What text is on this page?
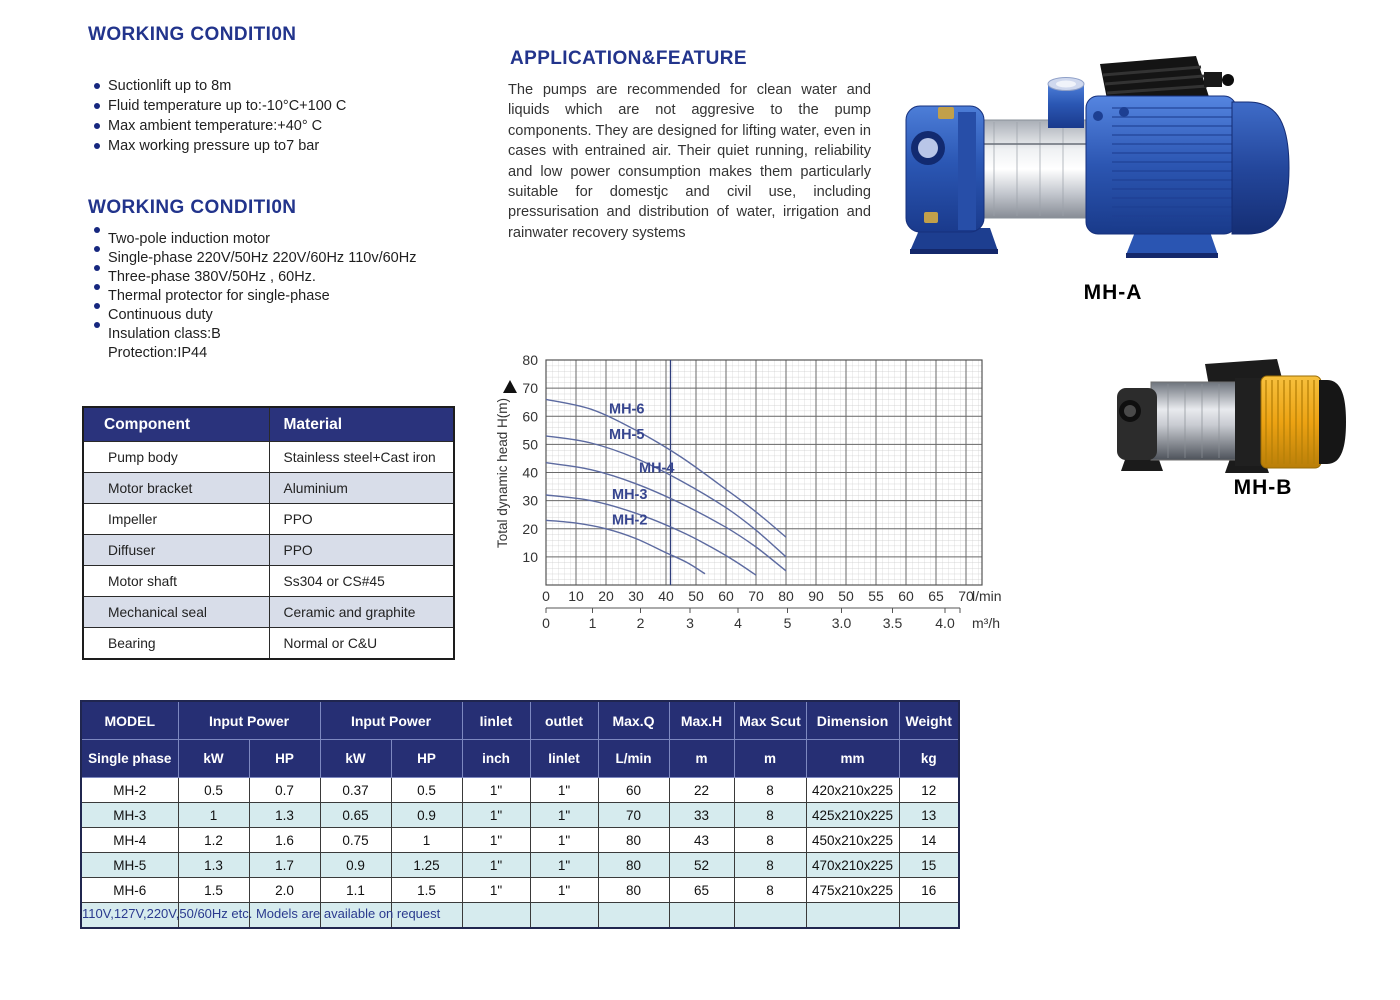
WORKING CONDITI0N
Suctionlift up to 8m
Fluid temperature up to:-10°C+100 C
Max ambient temperature:+40° C
Max working pressure up to7 bar
WORKING CONDITI0N
Two-pole induction motor
Single-phase 220V/50Hz 220V/60Hz 110v/60Hz
Three-phase 380V/50Hz , 60Hz.
Thermal protector for single-phase
Continuous duty
Insulation class:B
Protection:IP44
Component	Material
Pump body	Stainless steel+Cast iron
Motor bracket	Aluminium
Impeller	PPO
Diffuser	PPO
Motor shaft	Ss304 or CS#45
Mechanical seal	Ceramic and graphite
Bearing	Normal or C&U
APPLICATION&FEATURE
The pumps are recommended for clean water and liquids which are not aggresive to the pump components. They are designed for lifting water, even in cases with entrained air. Their quiet running, reliability and low power consumption makes them particularly suitable for domestjc and civil use, including pressurisation and distribution of water, irrigation and rainwater recovery systems
MH-6
MH-5
MH-4
MH-3
MH-2
10
20
30
40
50
60
70
80
Total dynamic head H(m)
0 10 20 30 40 50 60 70 80 90 50 55 60 65 70
l/min
0	1	2	3	4	5	3.0 3.5 4.0 m³/h
MH-A
MH-B
MODEL	Input Power		Input Power		Iinlet	outlet	Max.Q	Max.H	Max Scut	Dimension	Weight
Single phase	kW	HP	kW	HP	inch	Iinlet	L/min	m	m	mm	kg
MH-2	0.5	0.7	0.37	0.5	1"	1"	60	22	8	420x210x225	12
MH-3	1	1.3	0.65	0.9	1"	1"	70	33	8	425x210x225	13
MH-4	1.2	1.6	0.75	1	1"	1"	80	43	8	450x210x225	14
MH-5	1.3	1.7	0.9	1.25	1"	1"	80	52	8	470x210x225	15
MH-6	1.5	2.0	1.1	1.5	1"	1"	80	65	8	475x210x225	16

110V,127V,220V,50/60Hz etc. Models are available on request
